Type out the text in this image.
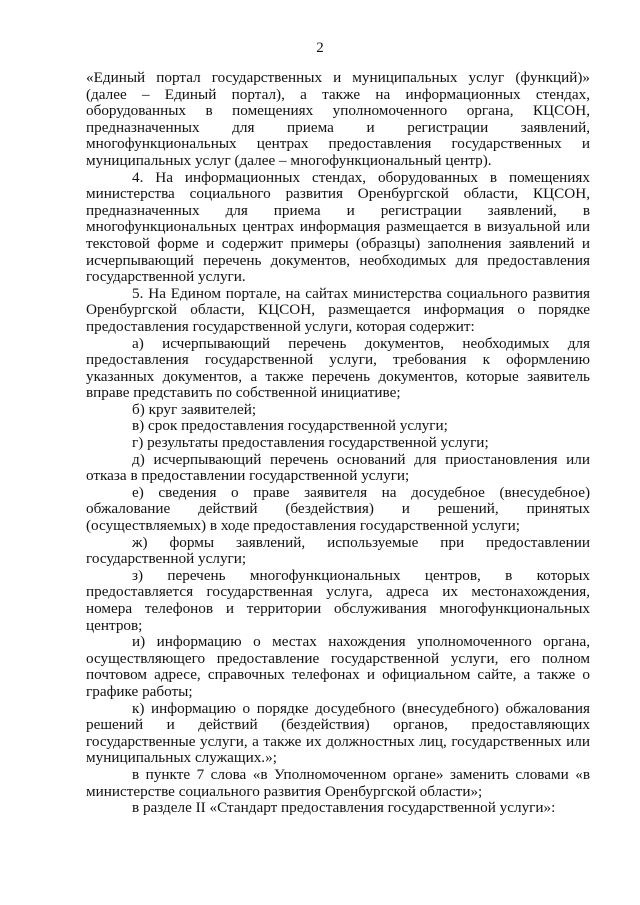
2

«Единый портал государственных и муниципальных услуг (функций)» (далее – Единый портал), а также на информационных стендах, оборудованных в помещениях уполномоченного органа, КЦСОН, предназначенных для приема и регистрации заявлений, многофункциональных центрах предоставления государственных и муниципальных услуг (далее – многофункциональный центр).

4. На информационных стендах, оборудованных в помещениях министерства социального развития Оренбургской области, КЦСОН, предназначенных для приема и регистрации заявлений, в многофункциональных центрах информация размещается в визуальной или текстовой форме и содержит примеры (образцы) заполнения заявлений и исчерпывающий перечень документов, необходимых для предоставления государственной услуги.

5. На Едином портале, на сайтах министерства социального развития Оренбургской области, КЦСОН, размещается информация о порядке предоставления государственной услуги, которая содержит:

а) исчерпывающий перечень документов, необходимых для предоставления государственной услуги, требования к оформлению указанных документов, а также перечень документов, которые заявитель вправе представить по собственной инициативе;

б) круг заявителей;

в) срок предоставления государственной услуги;

г) результаты предоставления государственной услуги;

д) исчерпывающий перечень оснований для приостановления или отказа в предоставлении государственной услуги;

е) сведения о праве заявителя на досудебное (внесудебное) обжалование действий (бездействия) и решений, принятых (осуществляемых) в ходе предоставления государственной услуги;

ж) формы заявлений, используемые при предоставлении государственной услуги;

з) перечень многофункциональных центров, в которых предоставляется государственная услуга, адреса их местонахождения, номера телефонов и территории обслуживания многофункциональных центров;

и) информацию о местах нахождения уполномоченного органа, осуществляющего предоставление государственной услуги, его полном почтовом адресе, справочных телефонах и официальном сайте, а также о графике работы;

к) информацию о порядке досудебного (внесудебного) обжалования решений и действий (бездействия) органов, предоставляющих государственные услуги, а также их должностных лиц, государственных или муниципальных служащих.»;

в пункте 7 слова «в Уполномоченном органе» заменить словами «в министерстве социального развития Оренбургской области»;

в разделе II «Стандарт предоставления государственной услуги»:
